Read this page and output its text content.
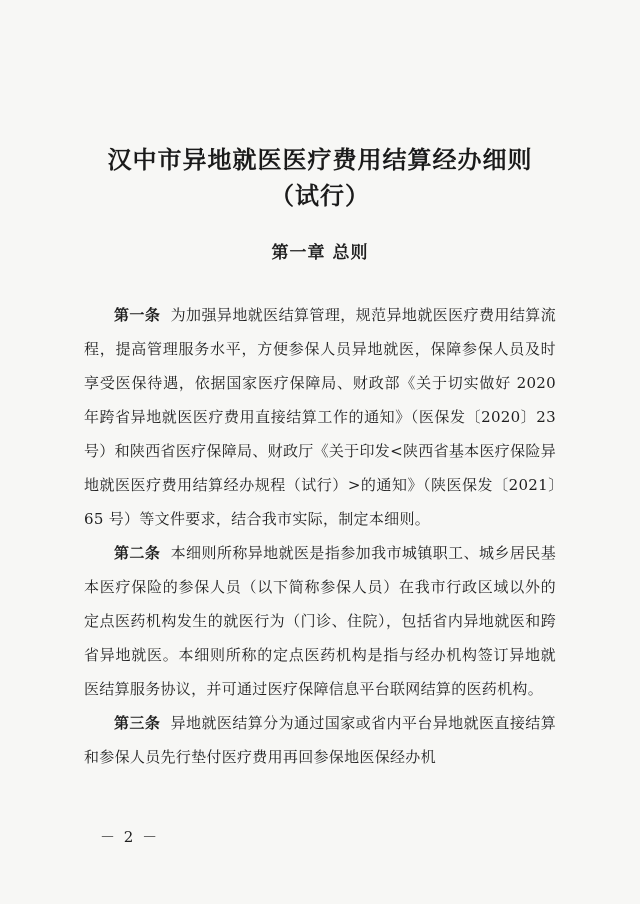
汉中市异地就医医疗费用结算经办细则
（试行）
第一章 总则

第一条 为加强异地就医结算管理，规范异地就医医疗费用结算流程，提高管理服务水平，方便参保人员异地就医，保障参保人员及时享受医保待遇，依据国家医疗保障局、财政部《关于切实做好 2020 年跨省异地就医医疗费用直接结算工作的通知》（医保发〔2020〕23 号）和陕西省医疗保障局、财政厅《关于印发<陕西省基本医疗保险异地就医医疗费用结算经办规程（试行）>的通知》（陕医保发〔2021〕65 号）等文件要求，结合我市实际，制定本细则。

第二条 本细则所称异地就医是指参加我市城镇职工、城乡居民基本医疗保险的参保人员（以下简称参保人员）在我市行政区域以外的定点医药机构发生的就医行为（门诊、住院），包括省内异地就医和跨省异地就医。本细则所称的定点医药机构是指与经办机构签订异地就医结算服务协议，并可通过医疗保障信息平台联网结算的医药机构。

第三条 异地就医结算分为通过国家或省内平台异地就医直接结算和参保人员先行垫付医疗费用再回参保地医保经办机

－ 2 －
